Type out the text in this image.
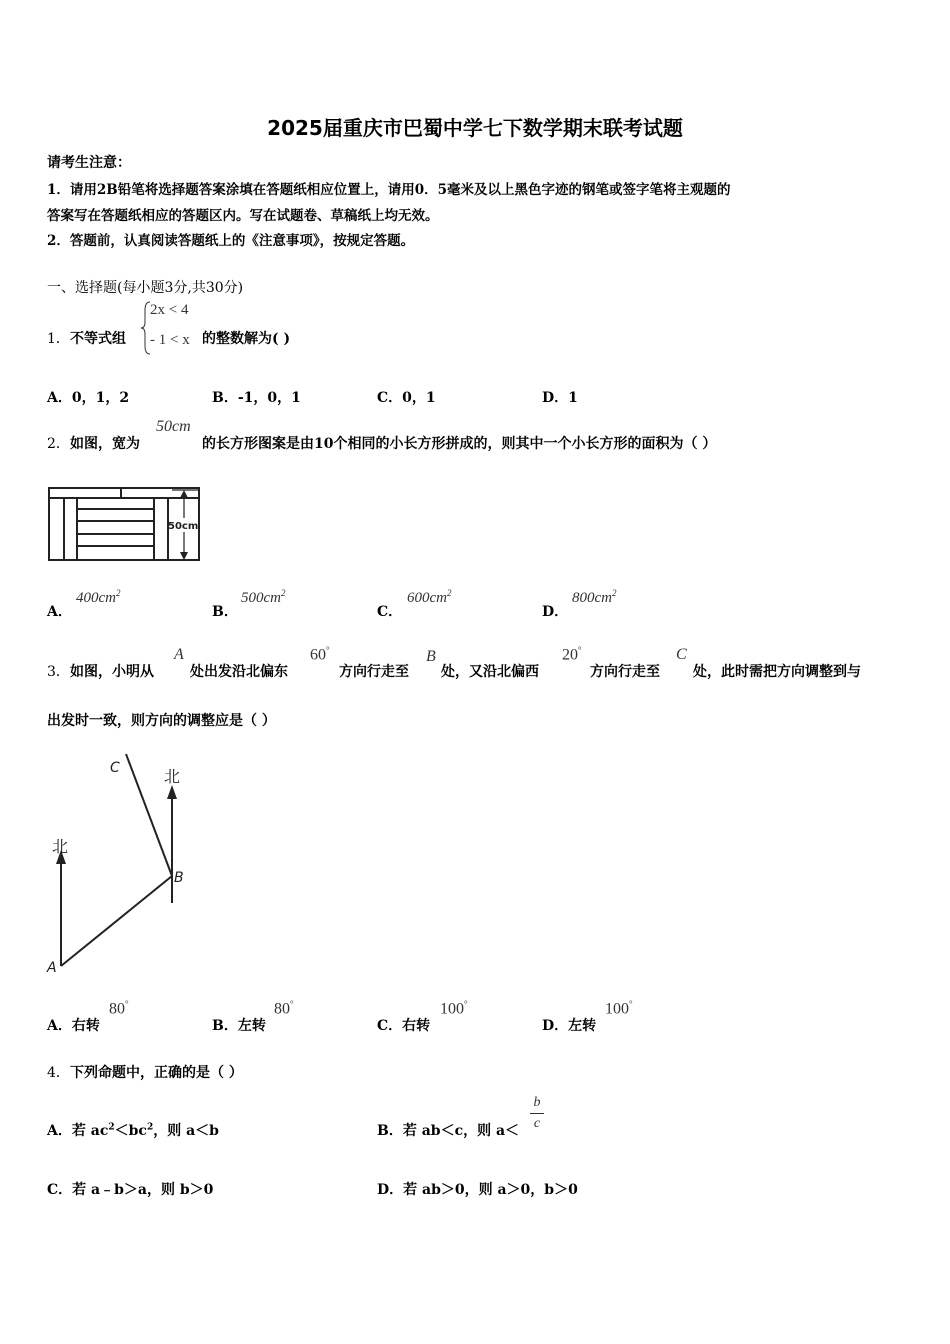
2025届重庆市巴蜀中学七下数学期末联考试题
请考生注意：
1．请用2B铅笔将选择题答案涂填在答题纸相应位置上，请用0．5毫米及以上黑色字迹的钢笔或签字笔将主观题的
答案写在答题纸相应的答题区内。写在试题卷、草稿纸上均无效。
2．答题前，认真阅读答题纸上的《注意事项》，按规定答题。
一、选择题(每小题3分,共30分)
1． 不等式组
2x < 4
- 1 < x 的整数解为( )
A．0，1，2	B．-1，0，1	C．0，1	D．1
2． 如图，宽为
50cm
的长方形图案是由10个相同的小长方形拼成的，则其中一个小长方形的面积为（ ）
50cm
A．
$400cm^2$
B．
$500cm^2$
C．
$600cm^2$
D．
$800cm^2$
3． 如图，小明从
A
处出发沿北偏东
60°
方向行走至
B
处，又沿北偏西
20°
方向行走至
C
处，此时需把方向调整到与
出发时一致，则方向的调整应是（ ）
北
北
A
B
C
A．右转
80°
B．左转
80°
C．右转
100°
D．左转
100°
4． 下列命题中，正确的是（ ）
A．若 $ac^2<bc^2$，则 a＜b	B．若 ab＜c，则 a＜
b
c
C．若 a﹣b＞a，则 b＞0	D．若 ab＞0，则 a＞0，b＞0
